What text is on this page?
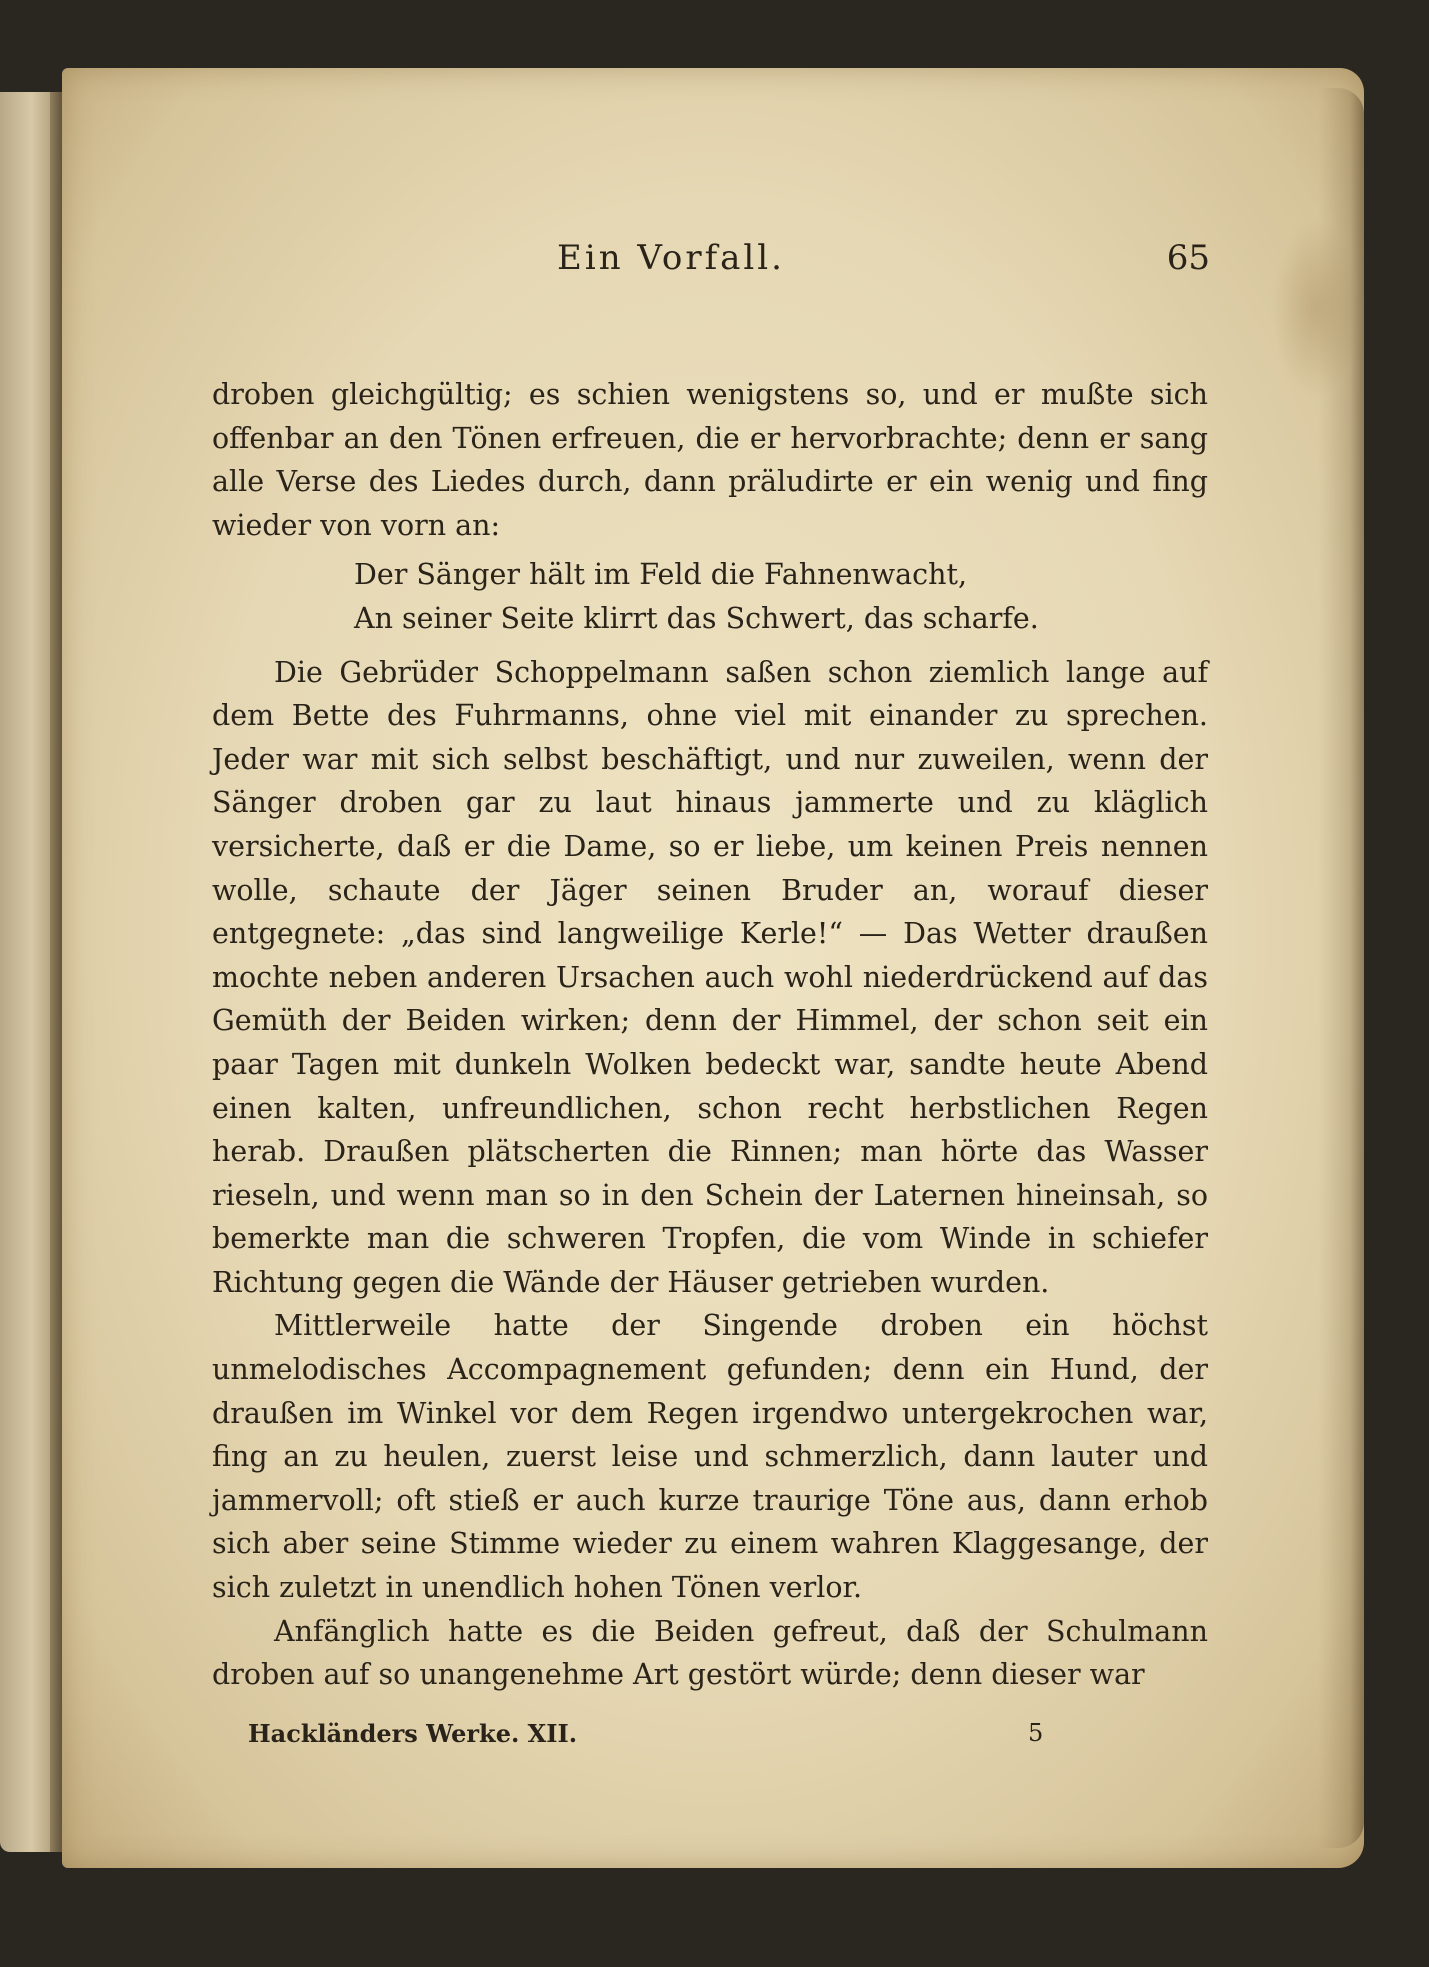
Ein Vorfall.	65

droben gleichgültig; es schien wenigstens so, und er mußte sich offenbar an den Tönen erfreuen, die er hervorbrachte; denn er sang alle Verse des Liedes durch, dann präludirte er ein wenig und fing wieder von vorn an:

Der Sänger hält im Feld die Fahnenwacht,
An seiner Seite klirrt das Schwert, das scharfe.

Die Gebrüder Schoppelmann saßen schon ziemlich lange auf dem Bette des Fuhrmanns, ohne viel mit einander zu sprechen. Jeder war mit sich selbst beschäftigt, und nur zuweilen, wenn der Sänger droben gar zu laut hinaus jammerte und zu kläglich versicherte, daß er die Dame, so er liebe, um keinen Preis nennen wolle, schaute der Jäger seinen Bruder an, worauf dieser entgegnete: „das sind langweilige Kerle!“ — Das Wetter draußen mochte neben anderen Ursachen auch wohl niederdrückend auf das Gemüth der Beiden wirken; denn der Himmel, der schon seit ein paar Tagen mit dunkeln Wolken bedeckt war, sandte heute Abend einen kalten, unfreundlichen, schon recht herbstlichen Regen herab. Draußen plätscherten die Rinnen; man hörte das Wasser rieseln, und wenn man so in den Schein der Laternen hineinsah, so bemerkte man die schweren Tropfen, die vom Winde in schiefer Richtung gegen die Wände der Häuser getrieben wurden.

Mittlerweile hatte der Singende droben ein höchst unmelodisches Accompagnement gefunden; denn ein Hund, der draußen im Winkel vor dem Regen irgendwo untergekrochen war, fing an zu heulen, zuerst leise und schmerzlich, dann lauter und jammervoll; oft stieß er auch kurze traurige Töne aus, dann erhob sich aber seine Stimme wieder zu einem wahren Klaggesange, der sich zuletzt in unendlich hohen Tönen verlor.

Anfänglich hatte es die Beiden gefreut, daß der Schulmann droben auf so unangenehme Art gestört würde; denn dieser war

Hackländers Werke. XII.	5
